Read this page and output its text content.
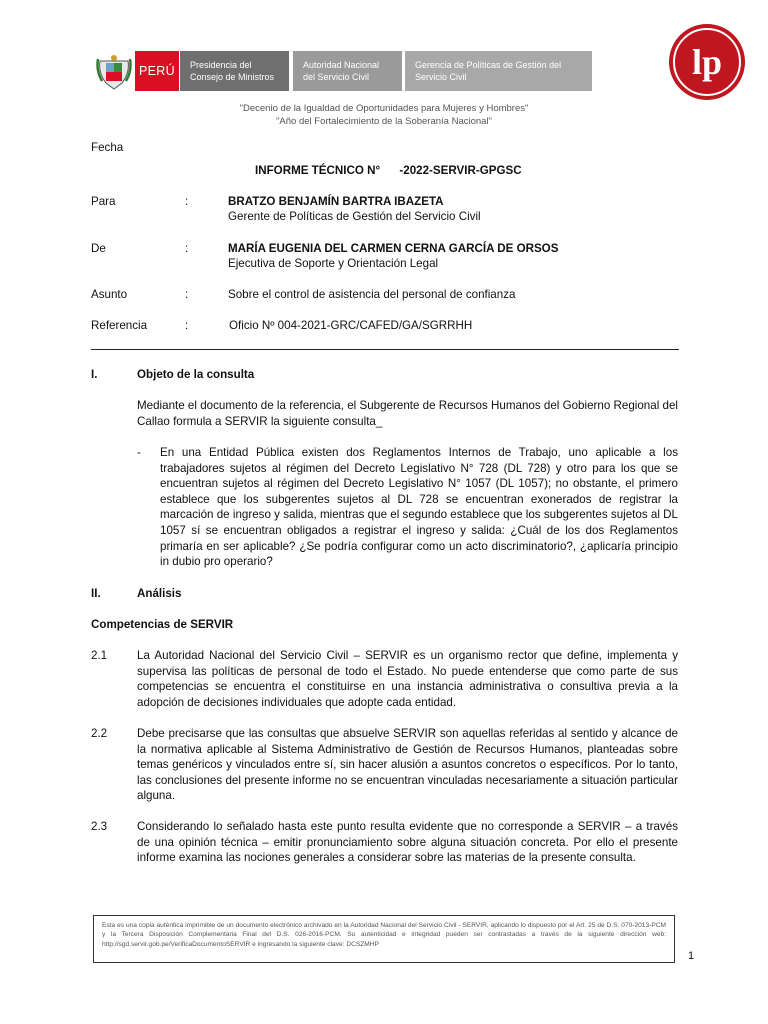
PERÚ	Presidencia del
Consejo de Ministros
Autoridad Nacional
del Servicio Civil
Gerencia de Políticas de Gestión del
Servicio Civil	lp
"Decenio de la Igualdad de Oportunidades para Mujeres y Hombres"
"Año del Fortalecimiento de la Soberanía Nacional"
Fecha
INFORME TÉCNICO N°      -2022-SERVIR-GPGSC
Para	:	BRATZO BENJAMÍN BARTRA IBAZETA
Gerente de Políticas de Gestión del Servicio Civil
De	:	MARÍA EUGENIA DEL CARMEN CERNA GARCÍA DE ORSOS
Ejecutiva de Soporte y Orientación Legal
Asunto	:	Sobre el control de asistencia del personal de confianza
Referencia	:	Oficio Nº 004-2021-GRC/CAFED/GA/SGRRHH
I.	Objeto de la consulta
Mediante el documento de la referencia, el Subgerente de Recursos Humanos del Gobierno Regional del Callao formula a SERVIR la siguiente consulta_
- En una Entidad Pública existen dos Reglamentos Internos de Trabajo, uno aplicable a los trabajadores sujetos al régimen del Decreto Legislativo N° 728 (DL 728) y otro para los que se encuentran sujetos al régimen del Decreto Legislativo N° 1057 (DL 1057); no obstante, el primero establece que los subgerentes sujetos al DL 728 se encuentran exonerados de registrar la marcación de ingreso y salida, mientras que el segundo establece que los subgerentes sujetos al DL 1057 sí se encuentran obligados a registrar el ingreso y salida: ¿Cuál de los dos Reglamentos primaría en ser aplicable? ¿Se podría configurar como un acto discriminatorio?, ¿aplicaría principio in dubio pro operario?
II.	Análisis
Competencias de SERVIR
2.1	La Autoridad Nacional del Servicio Civil – SERVIR es un organismo rector que define, implementa y supervisa las políticas de personal de todo el Estado. No puede entenderse que como parte de sus competencias se encuentra el constituirse en una instancia administrativa o consultiva previa a la adopción de decisiones individuales que adopte cada entidad.
2.2	Debe precisarse que las consultas que absuelve SERVIR son aquellas referidas al sentido y alcance de la normativa aplicable al Sistema Administrativo de Gestión de Recursos Humanos, planteadas sobre temas genéricos y vinculados entre sí, sin hacer alusión a asuntos concretos o específicos. Por lo tanto, las conclusiones del presente informe no se encuentran vinculadas necesariamente a situación particular alguna.
2.3	Considerando lo señalado hasta este punto resulta evidente que no corresponde a SERVIR – a través de una opinión técnica – emitir pronunciamiento sobre alguna situación concreta. Por ello el presente informe examina las nociones generales a considerar sobre las materias de la presente consulta.
Esta es una copia auténtica imprimible de un documento electrónico archivado en la Autoridad Nacional del Servicio Civil - SERVIR, aplicando lo dispuesto por el Art. 25 de D.S. 070-2013-PCM y la Tercera Disposición Complementaria Final del D.S. 026-2016-PCM. Su autenticidad e integridad pueden ser contrastadas a través de la siguiente dirección web: http://sgd.servir.gob.pe/VerificaDocumentoSERVIR e ingresando la siguiente clave: DCSZMHP
1
